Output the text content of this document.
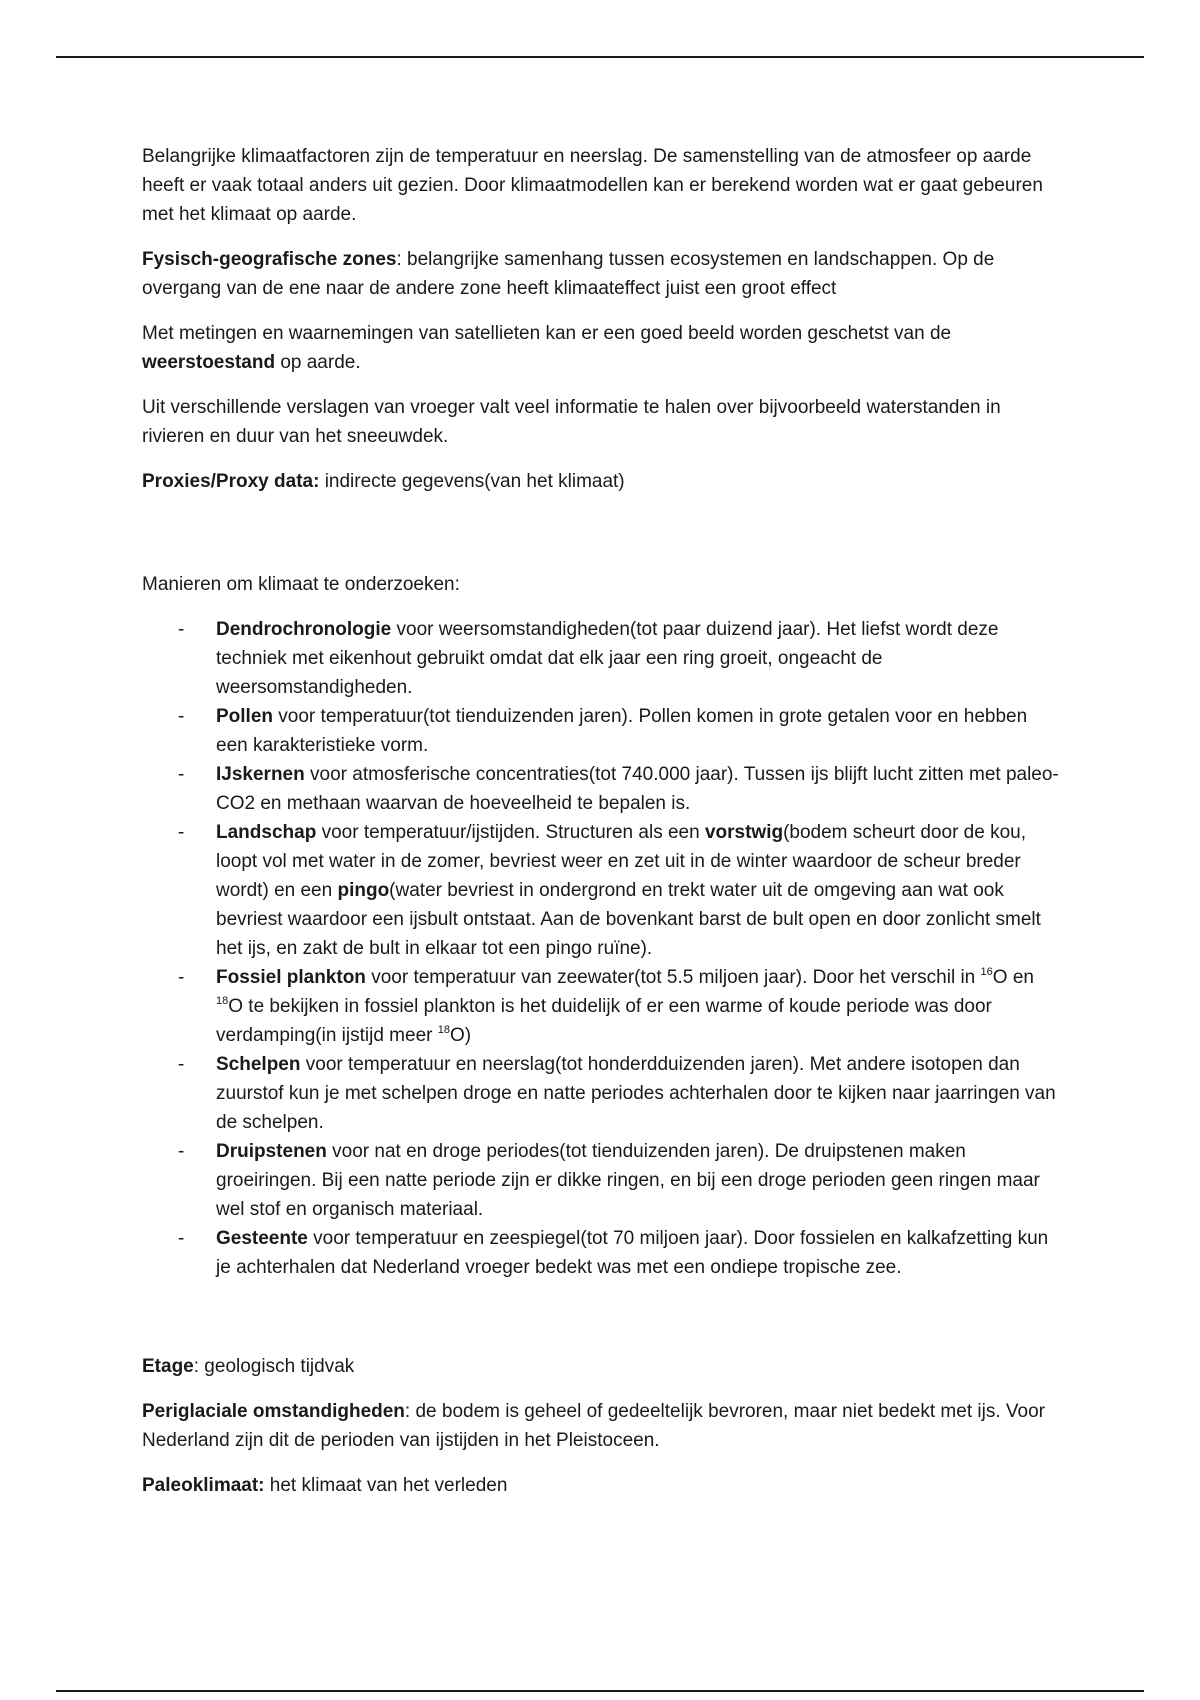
Belangrijke klimaatfactoren zijn de temperatuur en neerslag. De samenstelling van de atmosfeer op aarde heeft er vaak totaal anders uit gezien. Door klimaatmodellen kan er berekend worden wat er gaat gebeuren met het klimaat op aarde.

Fysisch-geografische zones: belangrijke samenhang tussen ecosystemen en landschappen. Op de overgang van de ene naar de andere zone heeft klimaateffect juist een groot effect

Met metingen en waarnemingen van satellieten kan er een goed beeld worden geschetst van de weerstoestand op aarde.

Uit verschillende verslagen van vroeger valt veel informatie te halen over bijvoorbeeld waterstanden in rivieren en duur van het sneeuwdek.

Proxies/Proxy data: indirecte gegevens(van het klimaat)

Manieren om klimaat te onderzoeken:

- Dendrochronologie voor weersomstandigheden(tot paar duizend jaar). Het liefst wordt deze techniek met eikenhout gebruikt omdat dat elk jaar een ring groeit, ongeacht de weersomstandigheden.
- Pollen voor temperatuur(tot tienduizenden jaren). Pollen komen in grote getalen voor en hebben een karakteristieke vorm.
- IJskernen voor atmosferische concentraties(tot 740.000 jaar). Tussen ijs blijft lucht zitten met paleo-CO2 en methaan waarvan de hoeveelheid te bepalen is.
- Landschap voor temperatuur/ijstijden. Structuren als een vorstwig(bodem scheurt door de kou, loopt vol met water in de zomer, bevriest weer en zet uit in de winter waardoor de scheur breder wordt) en een pingo(water bevriest in ondergrond en trekt water uit de omgeving aan wat ook bevriest waardoor een ijsbult ontstaat. Aan de bovenkant barst de bult open en door zonlicht smelt het ijs, en zakt de bult in elkaar tot een pingo ruïne).
- Fossiel plankton voor temperatuur van zeewater(tot 5.5 miljoen jaar). Door het verschil in $^{16}$O en $^{18}$O te bekijken in fossiel plankton is het duidelijk of er een warme of koude periode was door verdamping(in ijstijd meer $^{18}$O)
- Schelpen voor temperatuur en neerslag(tot honderdduizenden jaren). Met andere isotopen dan zuurstof kun je met schelpen droge en natte periodes achterhalen door te kijken naar jaarringen van de schelpen.
- Druipstenen voor nat en droge periodes(tot tienduizenden jaren). De druipstenen maken groeiringen. Bij een natte periode zijn er dikke ringen, en bij een droge perioden geen ringen maar wel stof en organisch materiaal.
- Gesteente voor temperatuur en zeespiegel(tot 70 miljoen jaar). Door fossielen en kalkafzetting kun je achterhalen dat Nederland vroeger bedekt was met een ondiepe tropische zee.

Etage: geologisch tijdvak

Periglaciale omstandigheden: de bodem is geheel of gedeeltelijk bevroren, maar niet bedekt met ijs. Voor Nederland zijn dit de perioden van ijstijden in het Pleistoceen.

Paleoklimaat: het klimaat van het verleden
